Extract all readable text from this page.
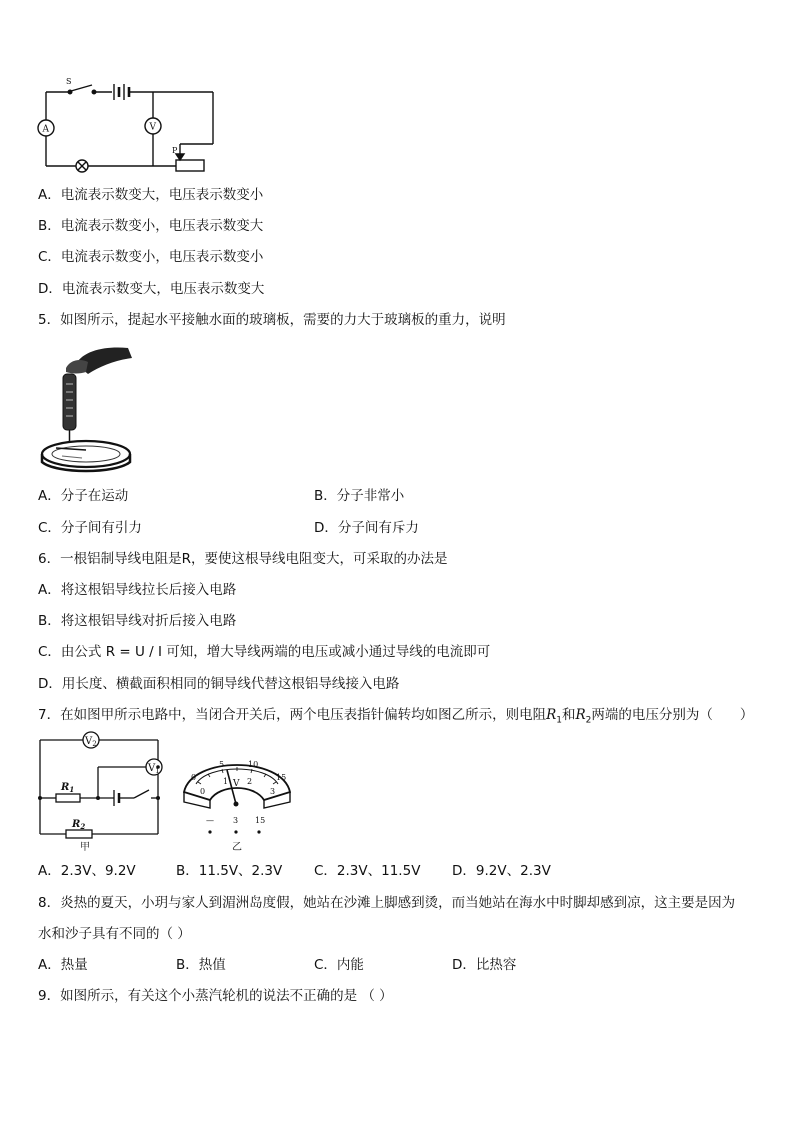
S
A	V
P
A．电流表示数变大，电压表示数变小
B．电流表示数变小，电压表示数变大
C．电流表示数变小，电压表示数变小
D．电流表示数变大，电压表示数变大
5．如图所示，提起水平接触水面的玻璃板，需要的力大于玻璃板的重力，说明
A．分子在运动	B．分子非常小
C．分子间有引力	D．分子间有斥力
6．一根铝制导线电阻是R，要使这根导线电阻变大，可采取的办法是
A．将这根铝导线拉长后接入电路
B．将这根铝导线对折后接入电路
C．由公式 R = U / I 可知，增大导线两端的电压或减小通过导线的电流即可
D．用长度、横截面积相同的铜导线代替这根铝导线接入电路
7．在如图甲所示电路中，当闭合开关后，两个电压表指针偏转均如图乙所示，则电阻$R_1$和$R_2$两端的电压分别为（　　）
$V_2$
$V_1$
$R_1$
$R_2$
甲
0
5	10
15
0
1 2
3
V
— 3 15
乙
A．2.3V、9.2V	B．11.5V、2.3V C．2.3V、11.5V D．9.2V、2.3V
8．炎热的夏天，小玥与家人到湄洲岛度假，她站在沙滩上脚感到烫，而当她站在海水中时脚却感到凉，这主要是因为
水和沙子具有不同的（ ）
A．热量	B．热值	C．内能	D．比热容
9．如图所示，有关这个小蒸汽轮机的说法不正确的是 （ ）
